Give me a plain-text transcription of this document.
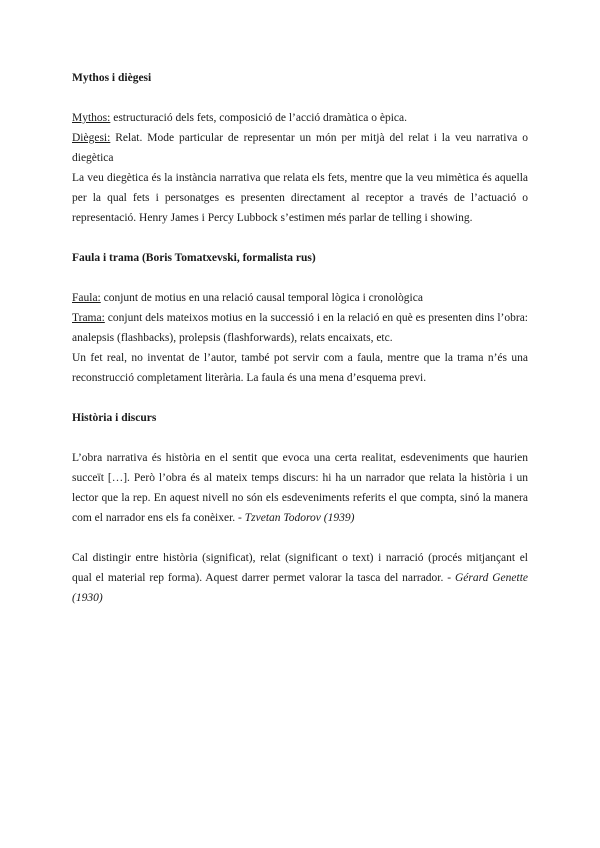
Mythos i diègesi

Mythos: estructuració dels fets, composició de l’acció dramàtica o èpica.

Diègesi: Relat. Mode particular de representar un món per mitjà del relat i la veu narrativa o diegètica

La veu diegètica és la instància narrativa que relata els fets, mentre que la veu mimètica és aquella per la qual fets i personatges es presenten directament al receptor a través de l’actuació o representació. Henry James i Percy Lubbock s’estimen més parlar de telling i showing.

Faula i trama (Boris Tomatxevski, formalista rus)

Faula: conjunt de motius en una relació causal temporal lògica i cronològica

Trama: conjunt dels mateixos motius en la successió i en la relació en què es presenten dins l’obra: analepsis (flashbacks), prolepsis (flashforwards), relats encaixats, etc.

Un fet real, no inventat de l’autor, també pot servir com a faula, mentre que la trama n’és una reconstrucció completament literària. La faula és una mena d’esquema previ.

Història i discurs

L’obra narrativa és història en el sentit que evoca una certa realitat, esdeveniments que haurien succeït […]. Però l’obra és al mateix temps discurs: hi ha un narrador que relata la història i un lector que la rep. En aquest nivell no són els esdeveniments referits el que compta, sinó la manera com el narrador ens els fa conèixer. - Tzvetan Todorov (1939)

Cal distingir entre història (significat), relat (significant o text) i narració (procés mitjançant el qual el material rep forma). Aquest darrer permet valorar la tasca del narrador. - Gérard Genette (1930)
